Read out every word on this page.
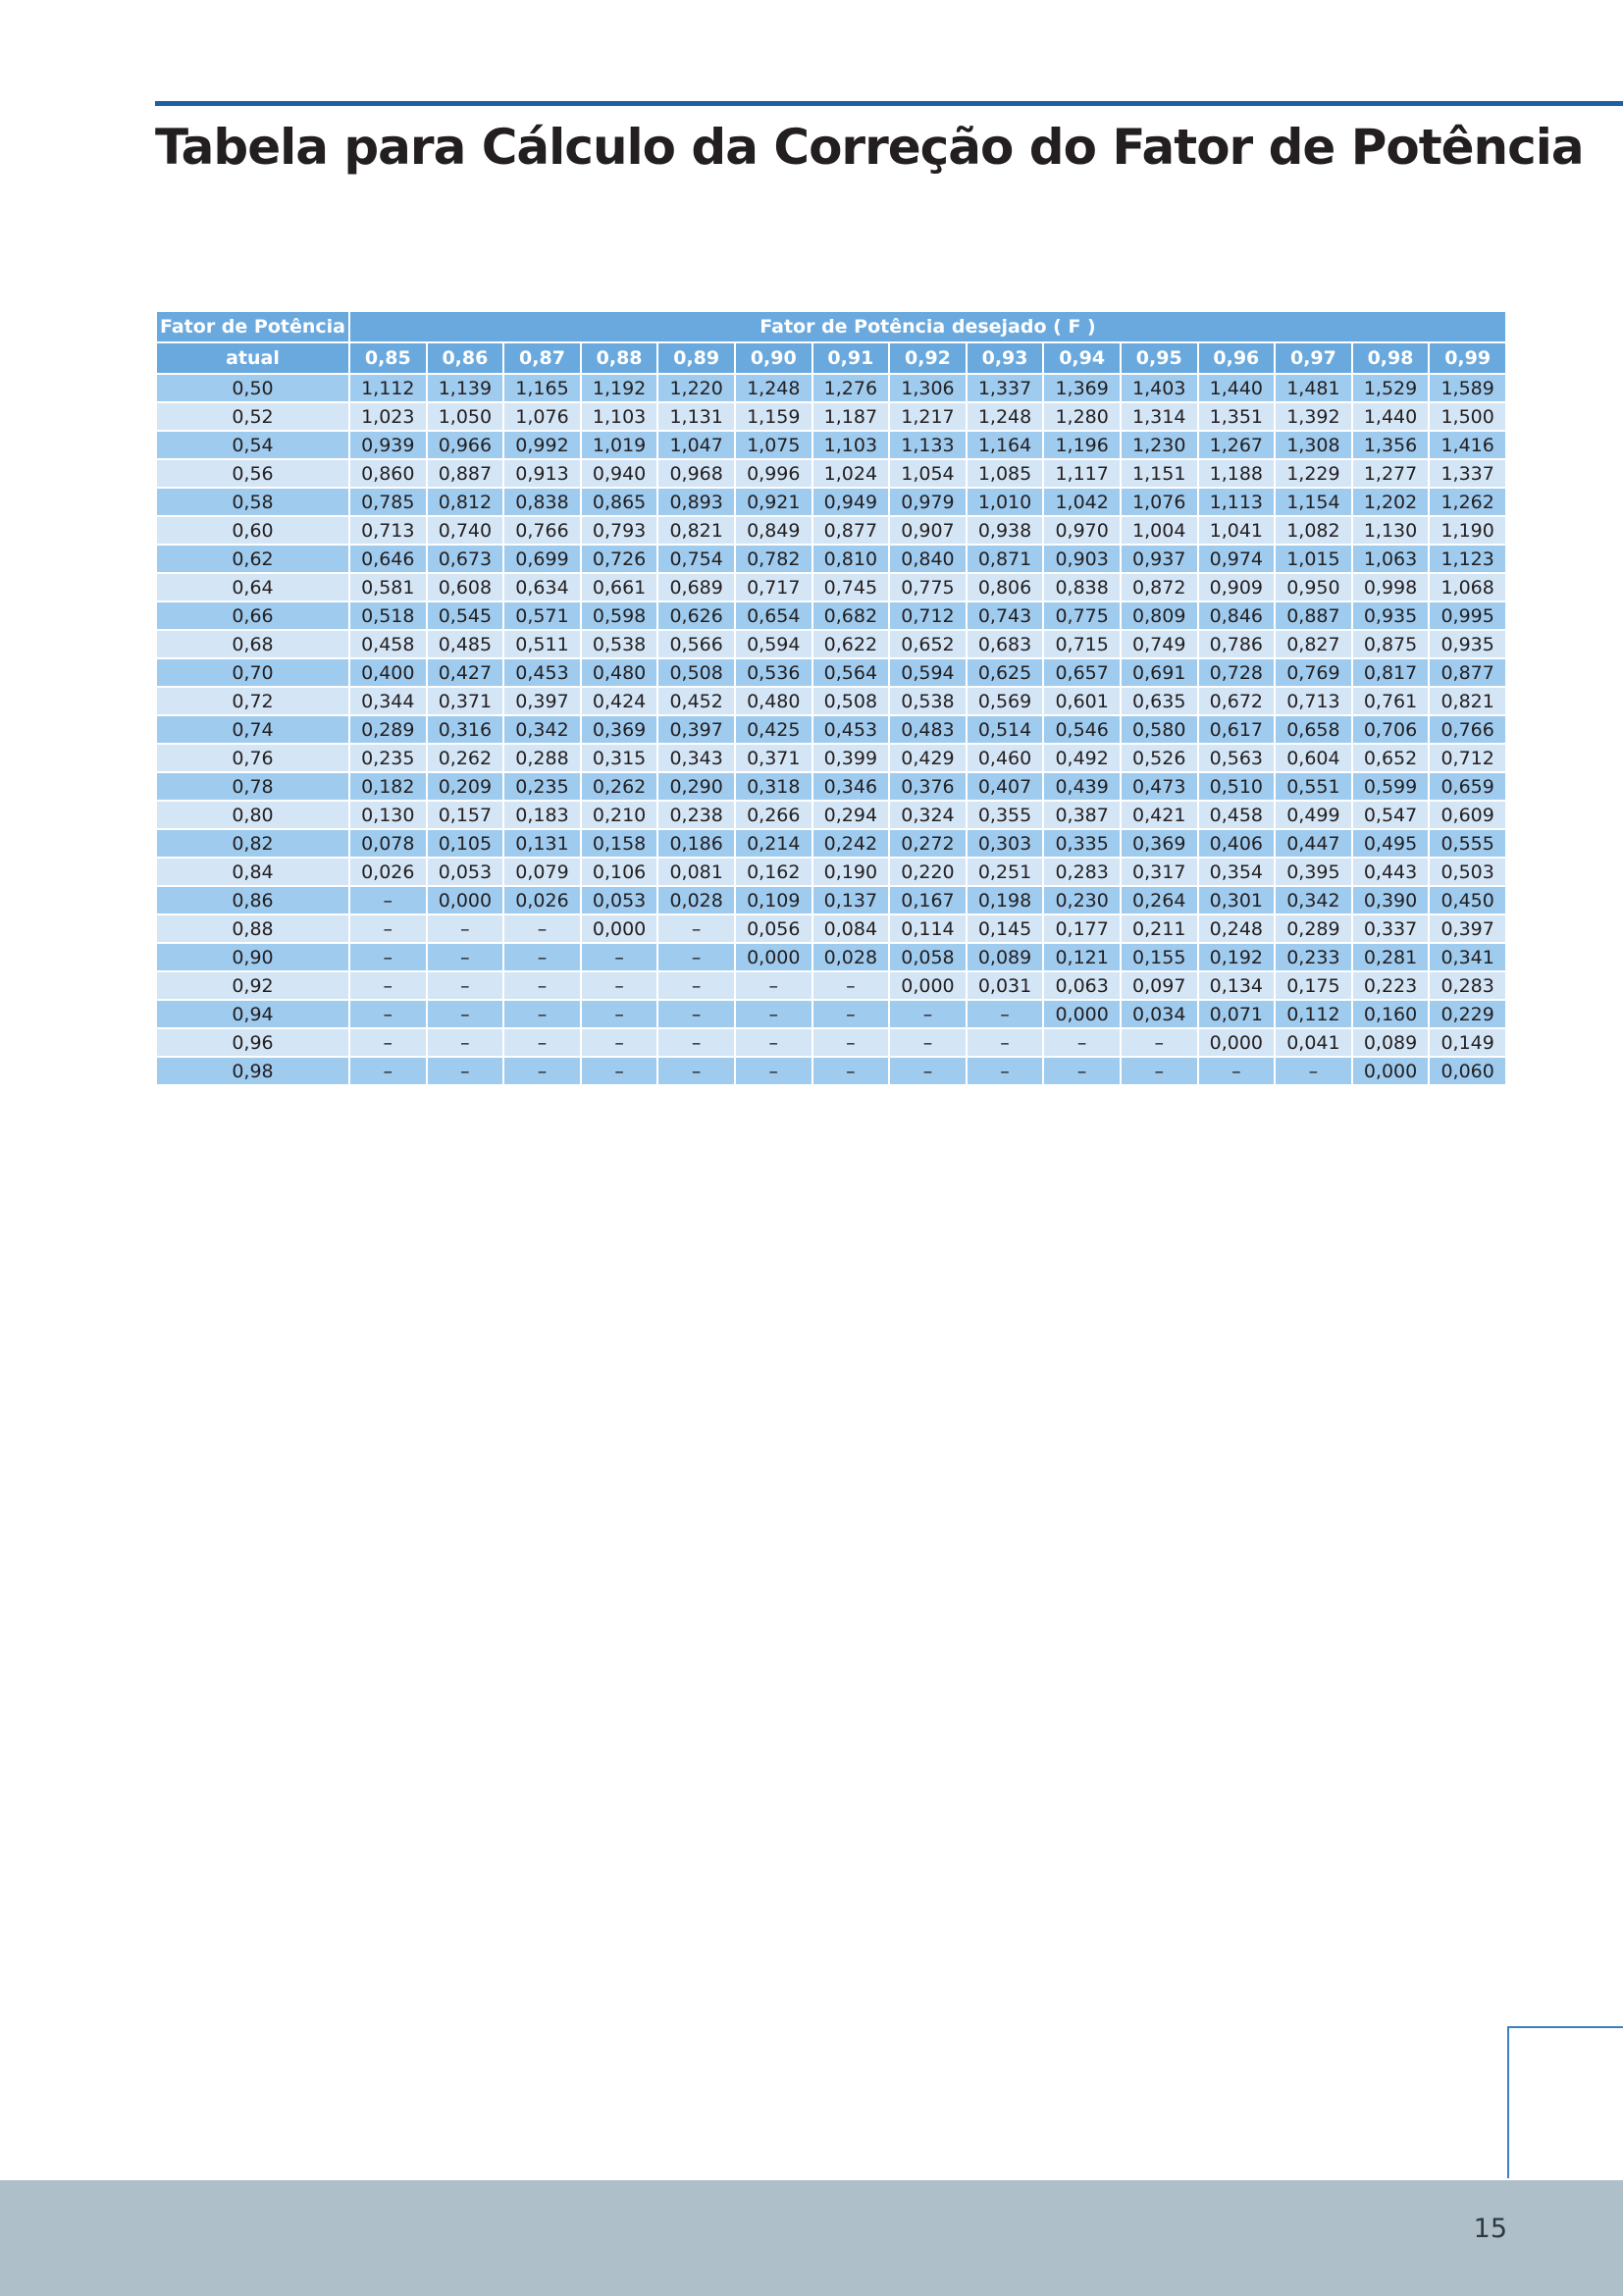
Tabela para Cálculo da Correção do Fator de Potência
Fator de Potência	Fator de Potência desejado ( F )														
atual	0,85	0,86	0,87	0,88	0,89	0,90	0,91	0,92	0,93	0,94	0,95	0,96	0,97	0,98	0,99
0,50	1,112	1,139	1,165	1,192	1,220	1,248	1,276	1,306	1,337	1,369	1,403	1,440	1,481	1,529	1,589
0,52	1,023	1,050	1,076	1,103	1,131	1,159	1,187	1,217	1,248	1,280	1,314	1,351	1,392	1,440	1,500
0,54	0,939	0,966	0,992	1,019	1,047	1,075	1,103	1,133	1,164	1,196	1,230	1,267	1,308	1,356	1,416
0,56	0,860	0,887	0,913	0,940	0,968	0,996	1,024	1,054	1,085	1,117	1,151	1,188	1,229	1,277	1,337
0,58	0,785	0,812	0,838	0,865	0,893	0,921	0,949	0,979	1,010	1,042	1,076	1,113	1,154	1,202	1,262
0,60	0,713	0,740	0,766	0,793	0,821	0,849	0,877	0,907	0,938	0,970	1,004	1,041	1,082	1,130	1,190
0,62	0,646	0,673	0,699	0,726	0,754	0,782	0,810	0,840	0,871	0,903	0,937	0,974	1,015	1,063	1,123
0,64	0,581	0,608	0,634	0,661	0,689	0,717	0,745	0,775	0,806	0,838	0,872	0,909	0,950	0,998	1,068
0,66	0,518	0,545	0,571	0,598	0,626	0,654	0,682	0,712	0,743	0,775	0,809	0,846	0,887	0,935	0,995
0,68	0,458	0,485	0,511	0,538	0,566	0,594	0,622	0,652	0,683	0,715	0,749	0,786	0,827	0,875	0,935
0,70	0,400	0,427	0,453	0,480	0,508	0,536	0,564	0,594	0,625	0,657	0,691	0,728	0,769	0,817	0,877
0,72	0,344	0,371	0,397	0,424	0,452	0,480	0,508	0,538	0,569	0,601	0,635	0,672	0,713	0,761	0,821
0,74	0,289	0,316	0,342	0,369	0,397	0,425	0,453	0,483	0,514	0,546	0,580	0,617	0,658	0,706	0,766
0,76	0,235	0,262	0,288	0,315	0,343	0,371	0,399	0,429	0,460	0,492	0,526	0,563	0,604	0,652	0,712
0,78	0,182	0,209	0,235	0,262	0,290	0,318	0,346	0,376	0,407	0,439	0,473	0,510	0,551	0,599	0,659
0,80	0,130	0,157	0,183	0,210	0,238	0,266	0,294	0,324	0,355	0,387	0,421	0,458	0,499	0,547	0,609
0,82	0,078	0,105	0,131	0,158	0,186	0,214	0,242	0,272	0,303	0,335	0,369	0,406	0,447	0,495	0,555
0,84	0,026	0,053	0,079	0,106	0,081	0,162	0,190	0,220	0,251	0,283	0,317	0,354	0,395	0,443	0,503
0,86	–	0,000	0,026	0,053	0,028	0,109	0,137	0,167	0,198	0,230	0,264	0,301	0,342	0,390	0,450
0,88	–	–	–	0,000	–	0,056	0,084	0,114	0,145	0,177	0,211	0,248	0,289	0,337	0,397
0,90	–	–	–	–	–	0,000	0,028	0,058	0,089	0,121	0,155	0,192	0,233	0,281	0,341
0,92	–	–	–	–	–	–	–	0,000	0,031	0,063	0,097	0,134	0,175	0,223	0,283
0,94	–	–	–	–	–	–	–	–	–	0,000	0,034	0,071	0,112	0,160	0,229
0,96	–	–	–	–	–	–	–	–	–	–	–	0,000	0,041	0,089	0,149
0,98	–	–	–	–	–	–	–	–	–	–	–	–	–	0,000	0,060
15
